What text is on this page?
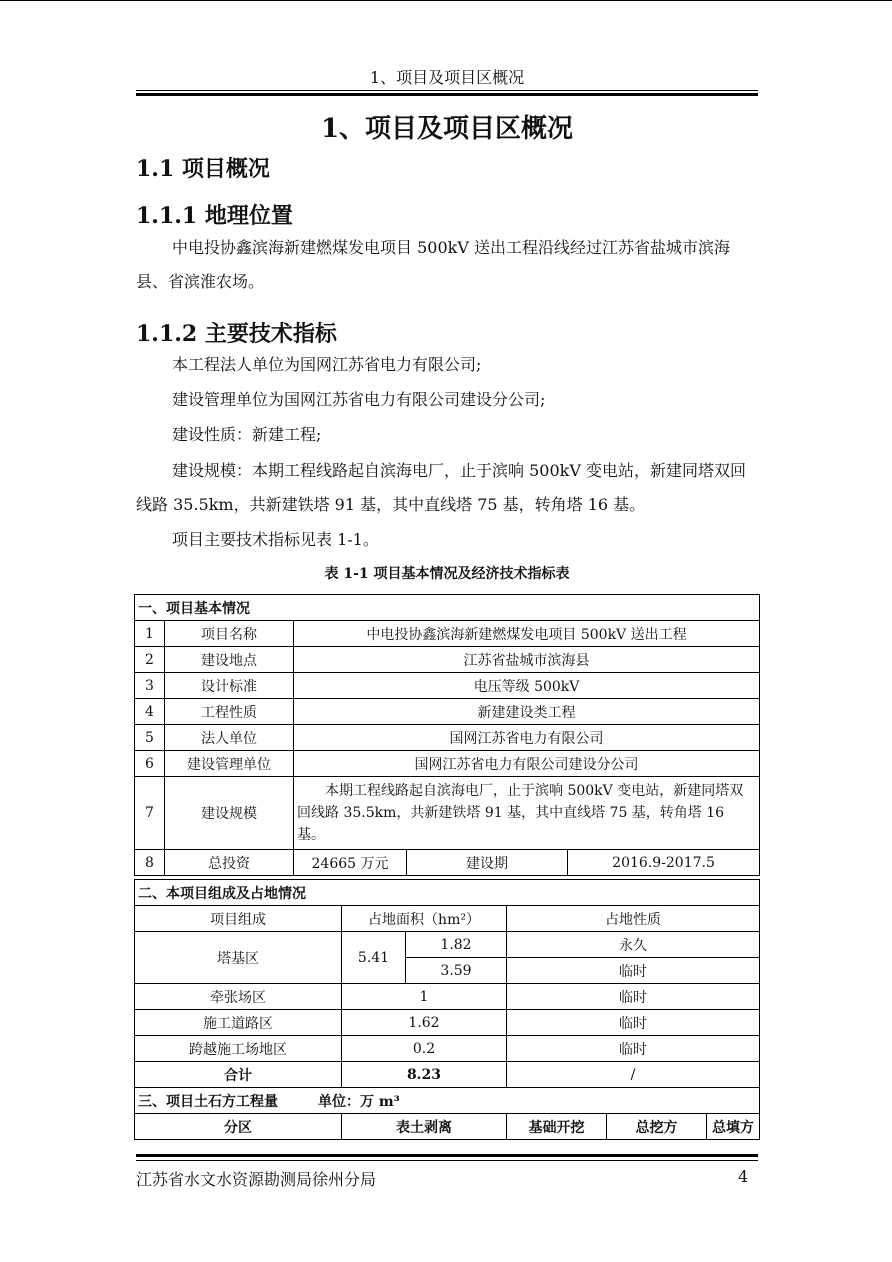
1、项目及项目区概况
1、项目及项目区概况
1.1 项目概况
1.1.1 地理位置

中电投协鑫滨海新建燃煤发电项目 500kV 送出工程沿线经过江苏省盐城市滨海县、省滨淮农场。

1.1.2 主要技术指标

本工程法人单位为国网江苏省电力有限公司;

建设管理单位为国网江苏省电力有限公司建设分公司;

建设性质：新建工程;

建设规模：本期工程线路起自滨海电厂，止于滨响 500kV 变电站，新建同塔双回线路 35.5km，共新建铁塔 91 基，其中直线塔 75 基，转角塔 16 基。

项目主要技术指标见表 1-1。

表 1-1 项目基本情况及经济技术指标表
一、项目基本情况				
1	项目名称	中电投协鑫滨海新建燃煤发电项目 500kV 送出工程		
2	建设地点	江苏省盐城市滨海县		
3	设计标准	电压等级 500kV		
4	工程性质	新建建设类工程		
5	法人单位	国网江苏省电力有限公司		
6	建设管理单位	国网江苏省电力有限公司建设分公司		
7	建设规模	本期工程线路起自滨海电厂，止于滨响 500kV 变电站，新建同塔双回线路 35.5km，共新建铁塔 91 基，其中直线塔 75 基，转角塔 16 基。		
8	总投资	24665 万元	建设期	2016.9-2017.5
二、本项目组成及占地情况					
项目组成	占地面积（hm²）		占地性质		
塔基区	5.41	1.82	永久		
		3.59	临时		
牵张场区	1		临时		
施工道路区	1.62		临时		
跨越施工场地区	0.2		临时		
合计	8.23		/		
三、项目土石方工程量 单位：万 m³					
分区	表土剥离		基础开挖	总挖方	总填方
江苏省水文水资源勘测局徐州分局	4
